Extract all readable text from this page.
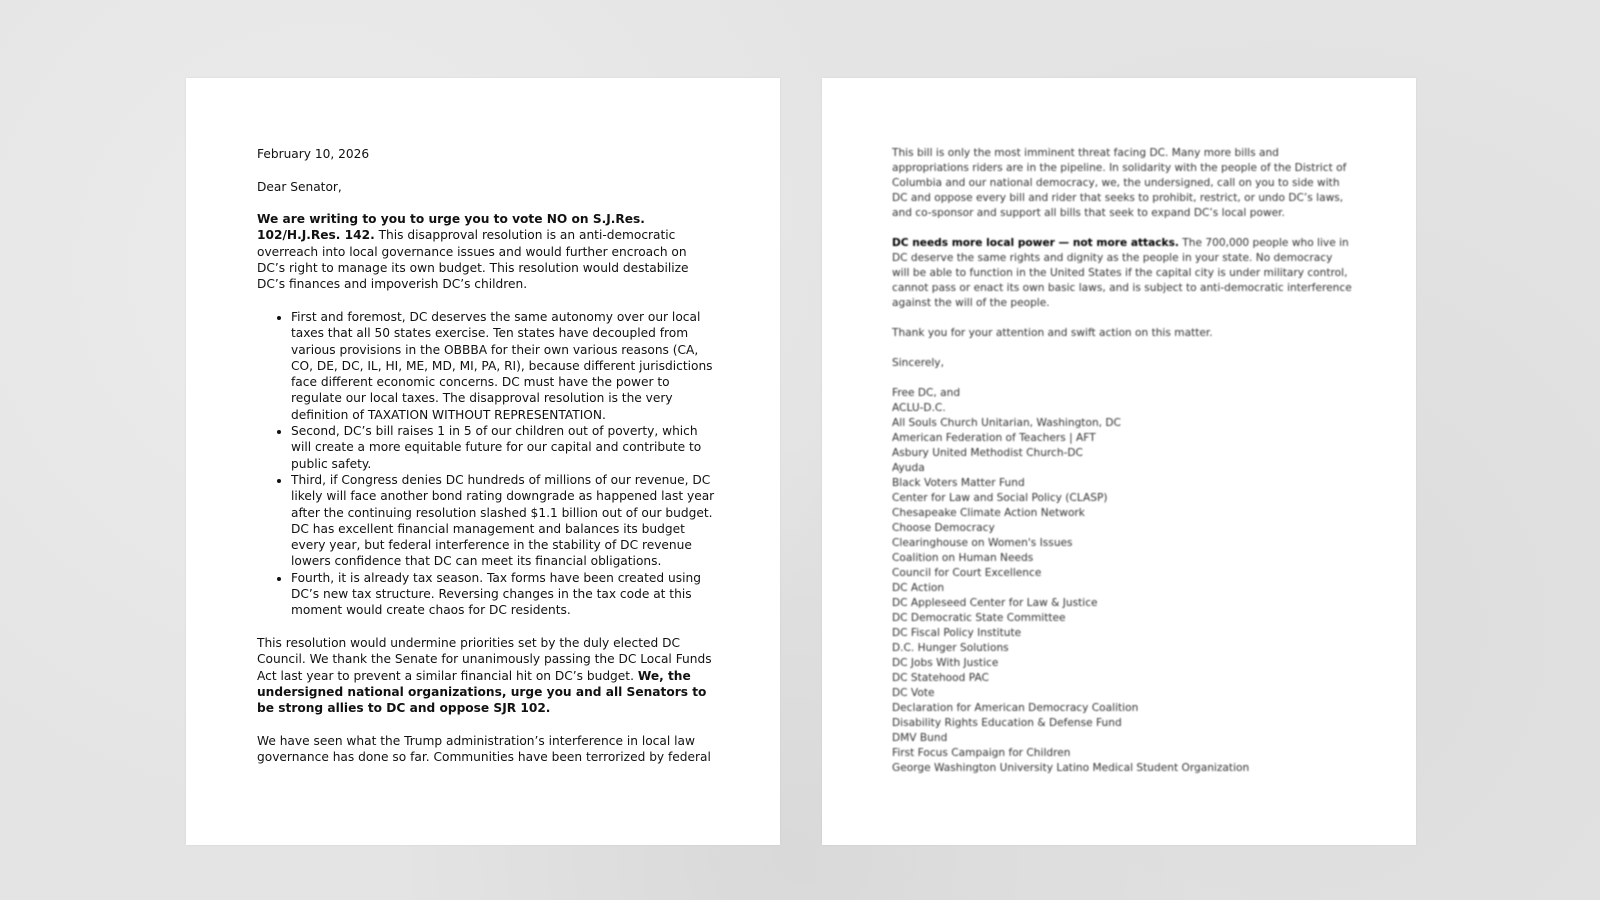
February 10, 2026

Dear Senator,

We are writing to you to urge you to vote NO on S.J.Res. 102/H.J.Res. 142. This disapproval resolution is an anti-democratic overreach into local governance issues and would further encroach on DC’s right to manage its own budget. This resolution would destabilize DC’s finances and impoverish DC’s children.

• First and foremost, DC deserves the same autonomy over our local taxes that all 50 states exercise. Ten states have decoupled from various provisions in the OBBBA for their own various reasons (CA, CO, DE, DC, IL, HI, ME, MD, MI, PA, RI), because different jurisdictions face different economic concerns. DC must have the power to regulate our local taxes. The disapproval resolution is the very definition of TAXATION WITHOUT REPRESENTATION.
• Second, DC’s bill raises 1 in 5 of our children out of poverty, which will create a more equitable future for our capital and contribute to public safety.
• Third, if Congress denies DC hundreds of millions of our revenue, DC likely will face another bond rating downgrade as happened last year after the continuing resolution slashed $1.1 billion out of our budget. DC has excellent financial management and balances its budget every year, but federal interference in the stability of DC revenue lowers confidence that DC can meet its financial obligations.
• Fourth, it is already tax season. Tax forms have been created using DC’s new tax structure. Reversing changes in the tax code at this moment would create chaos for DC residents.

This resolution would undermine priorities set by the duly elected DC Council. We thank the Senate for unanimously passing the DC Local Funds Act last year to prevent a similar financial hit on DC’s budget. We, the undersigned national organizations, urge you and all Senators to be strong allies to DC and oppose SJR 102.

We have seen what the Trump administration’s interference in local law governance has done so far. Communities have been terrorized by federal

This bill is only the most imminent threat facing DC. Many more bills and appropriations riders are in the pipeline. In solidarity with the people of the District of Columbia and our national democracy, we, the undersigned, call on you to side with DC and oppose every bill and rider that seeks to prohibit, restrict, or undo DC’s laws, and co-sponsor and support all bills that seek to expand DC’s local power.

DC needs more local power — not more attacks. The 700,000 people who live in DC deserve the same rights and dignity as the people in your state. No democracy will be able to function in the United States if the capital city is under military control, cannot pass or enact its own basic laws, and is subject to anti-democratic interference against the will of the people.

Thank you for your attention and swift action on this matter.

Sincerely,

Free DC, and
ACLU-D.C.
All Souls Church Unitarian, Washington, DC
American Federation of Teachers | AFT
Asbury United Methodist Church-DC
Ayuda
Black Voters Matter Fund
Center for Law and Social Policy (CLASP)
Chesapeake Climate Action Network
Choose Democracy
Clearinghouse on Women's Issues
Coalition on Human Needs
Council for Court Excellence
DC Action
DC Appleseed Center for Law & Justice
DC Democratic State Committee
DC Fiscal Policy Institute
D.C. Hunger Solutions
DC Jobs With Justice
DC Statehood PAC
DC Vote
Declaration for American Democracy Coalition
Disability Rights Education & Defense Fund
DMV Bund
First Focus Campaign for Children
George Washington University Latino Medical Student Organization
